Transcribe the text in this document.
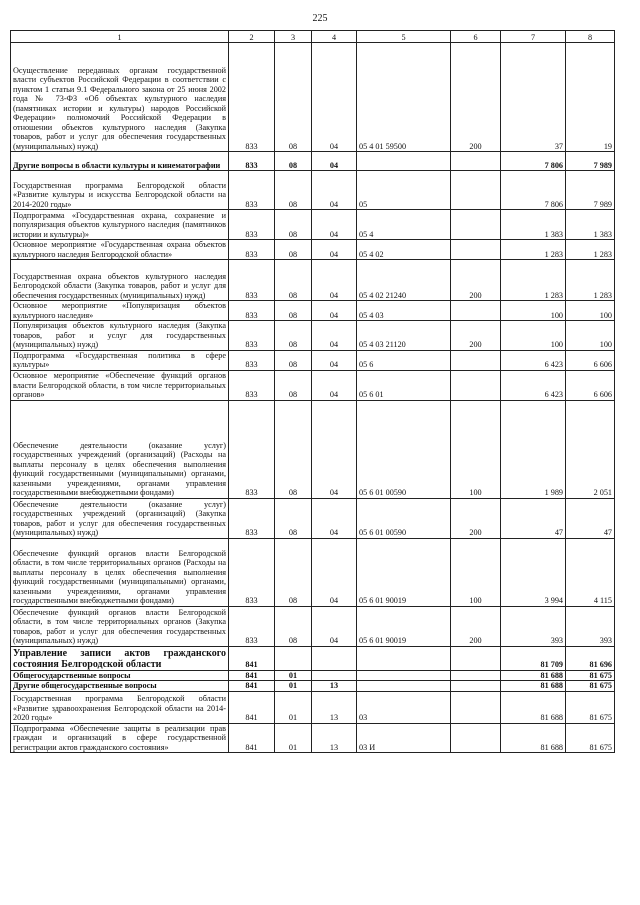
225
1	2	3	4	5	6	7	8
Осуществление переданных органам государственной власти субъектов Российской Федерации в соответствии с пунктом 1 статьи 9.1 Федерального закона от 25 июня 2002 года № 73-ФЗ «Об объектах культурного наследия (памятниках истории и культуры) народов Российской Федерации» полномочий Российской Федерации в отношении объектов культурного наследия (Закупка товаров, работ и услуг для обеспечения государственных (муниципальных) нужд)	833	08	04	05 4 01 59500	200	37	19
Другие вопросы в области культуры и кинематографии	833	08	04			7 806	7 989
Государственная программа Белгородской области «Развитие культуры и искусства Белгородской области на 2014-2020 годы»	833	08	04	05		7 806	7 989
Подпрограмма «Государственная охрана, сохранение и популяризация объектов культурного наследия (памятников истории и культуры)»	833	08	04	05 4		1 383	1 383
Основное мероприятие «Государственная охрана объектов культурного наследия Белгородской области»	833	08	04	05 4 02		1 283	1 283
Государственная охрана объектов культурного наследия Белгородской области (Закупка товаров, работ и услуг для обеспечения государственных (муниципальных) нужд)	833	08	04	05 4 02 21240	200	1 283	1 283
Основное мероприятие «Популяризация объектов культурного наследия»	833	08	04	05 4 03		100	100
Популяризация объектов культурного наследия (Закупка товаров, работ и услуг для государственных (муниципальных) нужд)	833	08	04	05 4 03 21120	200	100	100
Подпрограмма «Государственная политика в сфере культуры»	833	08	04	05 6		6 423	6 606
Основное мероприятие «Обеспечение функций органов власти Белгородской области, в том числе территориальных органов»	833	08	04	05 6 01		6 423	6 606
Обеспечение деятельности (оказание услуг) государственных учреждений (организаций) (Расходы на выплаты персоналу в целях обеспечения выполнения функций государственными (муниципальными) органами, казенными учреждениями, органами управления государственными внебюджетными фондами)	833	08	04	05 6 01 00590	100	1 989	2 051
Обеспечение деятельности (оказание услуг) государственных учреждений (организаций) (Закупка товаров, работ и услуг для обеспечения государственных (муниципальных) нужд)	833	08	04	05 6 01 00590	200	47	47
Обеспечение функций органов власти Белгородской области, в том числе территориальных органов (Расходы на выплаты персоналу в целях обеспечения выполнения функций государственными (муниципальными) органами, казенными учреждениями, органами управления государственными внебюджетными фондами)	833	08	04	05 6 01 90019	100	3 994	4 115
Обеспечение функций органов власти Белгородской области, в том числе территориальных органов (Закупка товаров, работ и услуг для обеспечения государственных (муниципальных) нужд)	833	08	04	05 6 01 90019	200	393	393
Управление записи актов гражданского состояния Белгородской области	841					81 709	81 696
Общегосударственные вопросы	841	01				81 688	81 675
Другие общегосударственные вопросы	841	01	13			81 688	81 675
Государственная программа Белгородской области «Развитие здравоохранения Белгородской области на 2014-2020 годы»	841	01	13	03		81 688	81 675
Подпрограмма «Обеспечение защиты в реализации прав граждан и организаций в сфере государственной регистрации актов гражданского состояния»	841	01	13	03 И		81 688	81 675
